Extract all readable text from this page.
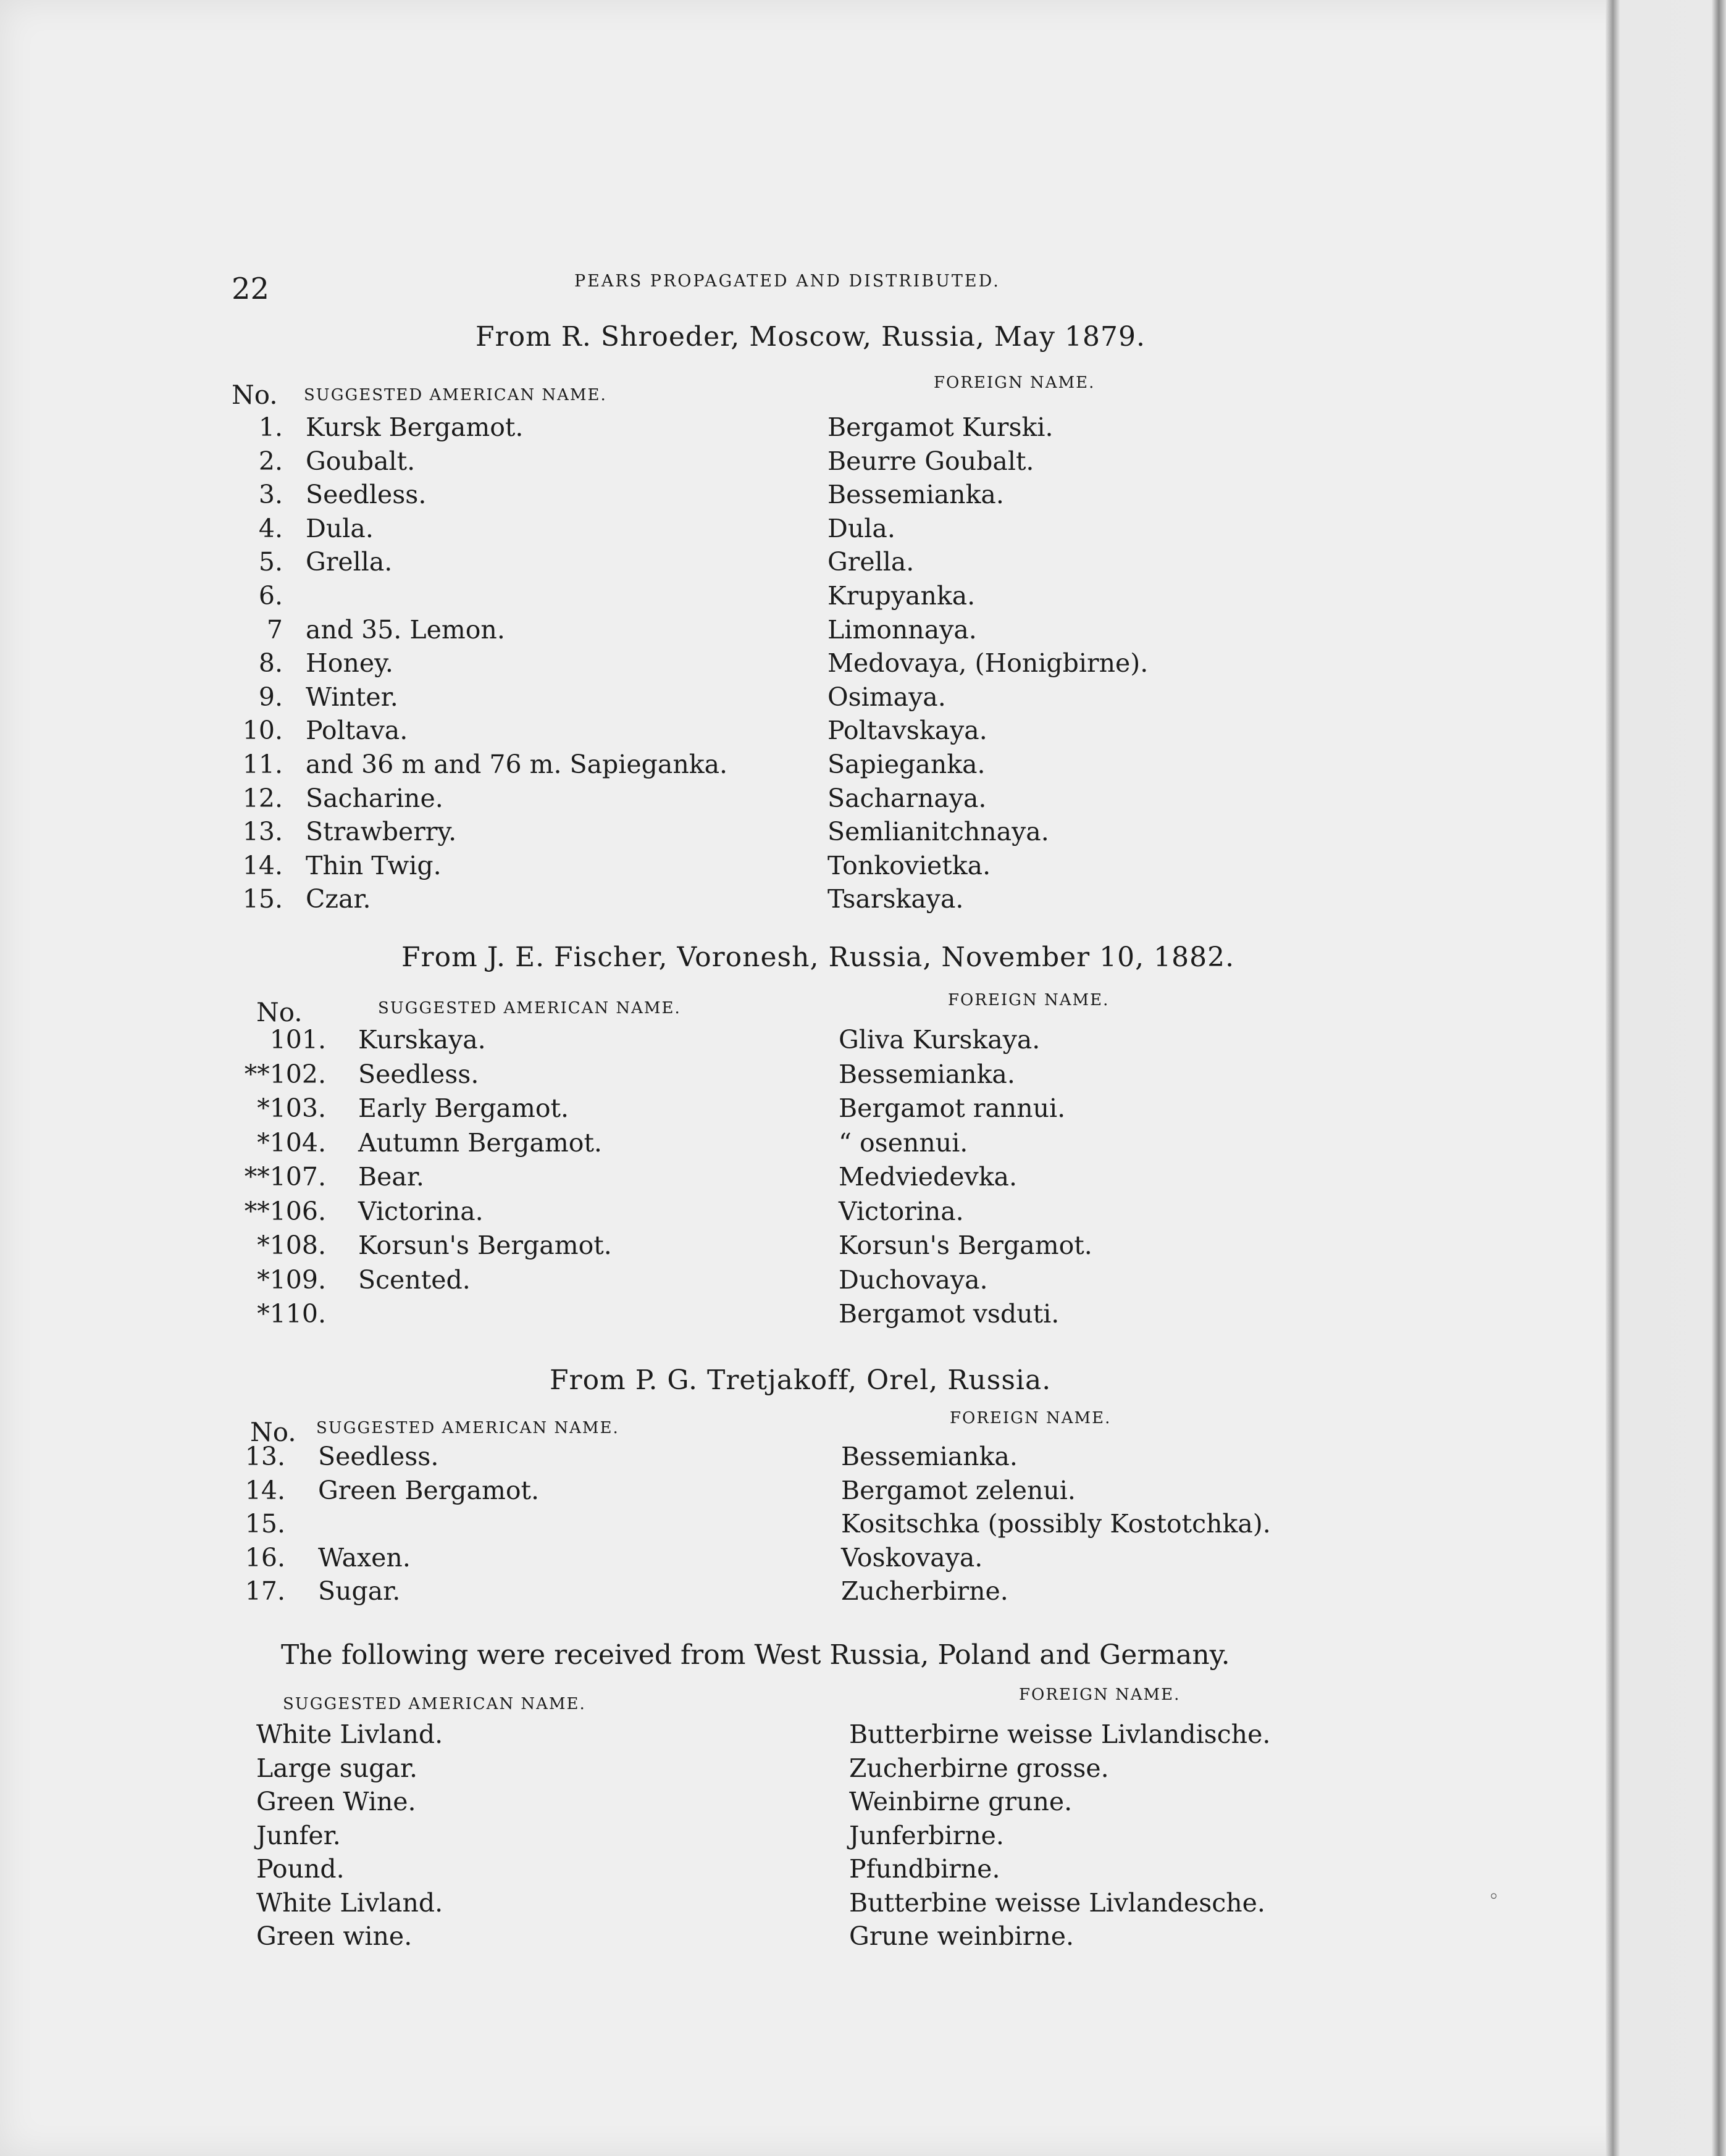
22	PEARS PROPAGATED AND DISTRIBUTED.
From R. Shroeder, Moscow, Russia, May 1879.
No. SUGGESTED AMERICAN NAME.
FOREIGN NAME.
1. Kursk Bergamot.	Bergamot Kurski.
2. Goubalt.	Beurre Goubalt.
3. Seedless.	Bessemianka.
4. Dula.	Dula.
5. Grella.	Grella.
6.	Krupyanka.
7 and 35. Lemon.	Limonnaya.
8. Honey.	Medovaya, (Honigbirne).
9. Winter.	Osimaya.
10. Poltava.	Poltavskaya.
11. and 36 m and 76 m. Sapieganka.	Sapieganka.
12. Sacharine.	Sacharnaya.
13. Strawberry.	Semlianitchnaya.
14. Thin Twig.	Tonkovietka.
15. Czar.	Tsarskaya.
From J. E. Fischer, Voronesh, Russia, November 10, 1882.
No.	SUGGESTED AMERICAN NAME.	FOREIGN NAME.
101. Kurskaya.	Gliva Kurskaya.
**102. Seedless.	Bessemianka.
*103. Early Bergamot.	Bergamot rannui.
*104. Autumn Bergamot.	“ osennui.
**107. Bear.	Medviedevka.
**106. Victorina.	Victorina.
*108. Korsun's Bergamot.	Korsun's Bergamot.
*109. Scented.	Duchovaya.
*110.	Bergamot vsduti.
From P. G. Tretjakoff, Orel, Russia.
No. SUGGESTED AMERICAN NAME.
FOREIGN NAME.
13. Seedless.	Bessemianka.
14. Green Bergamot.	Bergamot zelenui.
15.	Kositschka (possibly Kostotchka).
16. Waxen.	Voskovaya.
17. Sugar.	Zucherbirne.
The following were received from West Russia, Poland and Germany.
SUGGESTED AMERICAN NAME.	FOREIGN NAME.
White Livland.	Butterbirne weisse Livlandische.
Large sugar.	Zucherbirne grosse.
Green Wine.	Weinbirne grune.
Junfer.	Junferbirne.
Pound.	Pfundbirne.
White Livland.	Butterbine weisse Livlandesche.
Green wine.	Grune weinbirne.
◦
